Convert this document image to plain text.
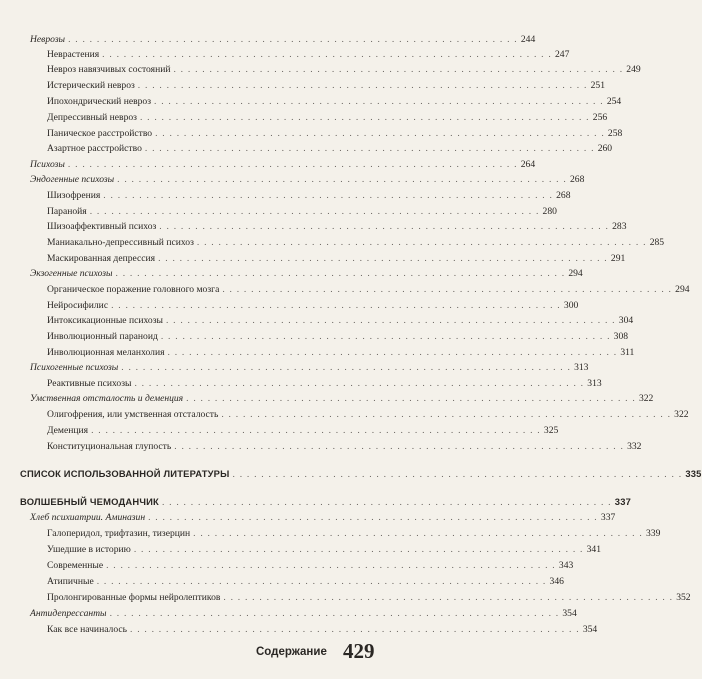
Неврозы . . . . . . . . . . . . . . . . . . . . . . . . . . . . . . . . . . . . . . . . . . . . . . . . . . . . . . . . . . . . . . . 244
Неврастения . . . . . . . . . . . . . . . . . . . . . . . . . . . . . . . . . . . . . . . . . . . . . . . . . . . . . . . . . . . . . . . 247
Невроз навязчивых состояний . . . . . . . . . . . . . . . . . . . . . . . . . . . . . . . . . . . . . . . . . . . . . . . . . . . . . . . . . . . . . . . 249
Истерический невроз . . . . . . . . . . . . . . . . . . . . . . . . . . . . . . . . . . . . . . . . . . . . . . . . . . . . . . . . . . . . . . . 251
Ипохондрический невроз . . . . . . . . . . . . . . . . . . . . . . . . . . . . . . . . . . . . . . . . . . . . . . . . . . . . . . . . . . . . . . . 254
Депрессивный невроз . . . . . . . . . . . . . . . . . . . . . . . . . . . . . . . . . . . . . . . . . . . . . . . . . . . . . . . . . . . . . . . 256
Паническое расстройство . . . . . . . . . . . . . . . . . . . . . . . . . . . . . . . . . . . . . . . . . . . . . . . . . . . . . . . . . . . . . . . 258
Азартное расстройство . . . . . . . . . . . . . . . . . . . . . . . . . . . . . . . . . . . . . . . . . . . . . . . . . . . . . . . . . . . . . . . 260
Психозы . . . . . . . . . . . . . . . . . . . . . . . . . . . . . . . . . . . . . . . . . . . . . . . . . . . . . . . . . . . . . . . 264
Эндогенные психозы . . . . . . . . . . . . . . . . . . . . . . . . . . . . . . . . . . . . . . . . . . . . . . . . . . . . . . . . . . . . . . . 268
Шизофрения . . . . . . . . . . . . . . . . . . . . . . . . . . . . . . . . . . . . . . . . . . . . . . . . . . . . . . . . . . . . . . . 268
Паранойя . . . . . . . . . . . . . . . . . . . . . . . . . . . . . . . . . . . . . . . . . . . . . . . . . . . . . . . . . . . . . . . 280
Шизоаффективный психоз . . . . . . . . . . . . . . . . . . . . . . . . . . . . . . . . . . . . . . . . . . . . . . . . . . . . . . . . . . . . . . . 283
Маниакально-депрессивный психоз . . . . . . . . . . . . . . . . . . . . . . . . . . . . . . . . . . . . . . . . . . . . . . . . . . . . . . . . . . . . . . . 285
Маскированная депрессия . . . . . . . . . . . . . . . . . . . . . . . . . . . . . . . . . . . . . . . . . . . . . . . . . . . . . . . . . . . . . . . 291
Экзогенные психозы . . . . . . . . . . . . . . . . . . . . . . . . . . . . . . . . . . . . . . . . . . . . . . . . . . . . . . . . . . . . . . . 294
Органическое поражение головного мозга . . . . . . . . . . . . . . . . . . . . . . . . . . . . . . . . . . . . . . . . . . . . . . . . . . . . . . . . . . . . . . . 294
Нейросифилис . . . . . . . . . . . . . . . . . . . . . . . . . . . . . . . . . . . . . . . . . . . . . . . . . . . . . . . . . . . . . . . 300
Интоксикационные психозы . . . . . . . . . . . . . . . . . . . . . . . . . . . . . . . . . . . . . . . . . . . . . . . . . . . . . . . . . . . . . . . 304
Инволюционный параноид . . . . . . . . . . . . . . . . . . . . . . . . . . . . . . . . . . . . . . . . . . . . . . . . . . . . . . . . . . . . . . . 308
Инволюционная меланхолия . . . . . . . . . . . . . . . . . . . . . . . . . . . . . . . . . . . . . . . . . . . . . . . . . . . . . . . . . . . . . . . 311
Психогенные психозы . . . . . . . . . . . . . . . . . . . . . . . . . . . . . . . . . . . . . . . . . . . . . . . . . . . . . . . . . . . . . . . 313
Реактивные психозы . . . . . . . . . . . . . . . . . . . . . . . . . . . . . . . . . . . . . . . . . . . . . . . . . . . . . . . . . . . . . . . 313
Умственная отсталость и деменция . . . . . . . . . . . . . . . . . . . . . . . . . . . . . . . . . . . . . . . . . . . . . . . . . . . . . . . . . . . . . . . 322
Олигофрения, или умственная отсталость . . . . . . . . . . . . . . . . . . . . . . . . . . . . . . . . . . . . . . . . . . . . . . . . . . . . . . . . . . . . . . . 322
Деменция . . . . . . . . . . . . . . . . . . . . . . . . . . . . . . . . . . . . . . . . . . . . . . . . . . . . . . . . . . . . . . . 325
Конституциональная глупость . . . . . . . . . . . . . . . . . . . . . . . . . . . . . . . . . . . . . . . . . . . . . . . . . . . . . . . . . . . . . . . 332
СПИСОК ИСПОЛЬЗОВАННОЙ ЛИТЕРАТУРЫ . . . . . . . . . . . . . . . . . . . . . . . . . . . . . . . . . . . . . . . . . . . . . . . . . . . . . . . . . . . . . . . 335
ВОЛШЕБНЫЙ ЧЕМОДАНЧИК . . . . . . . . . . . . . . . . . . . . . . . . . . . . . . . . . . . . . . . . . . . . . . . . . . . . . . . . . . . . . . . 337
Хлеб психиатрии. Аминазин . . . . . . . . . . . . . . . . . . . . . . . . . . . . . . . . . . . . . . . . . . . . . . . . . . . . . . . . . . . . . . . 337
Галоперидол, трифтазин, тизерцин . . . . . . . . . . . . . . . . . . . . . . . . . . . . . . . . . . . . . . . . . . . . . . . . . . . . . . . . . . . . . . . 339
Ушедшие в историю . . . . . . . . . . . . . . . . . . . . . . . . . . . . . . . . . . . . . . . . . . . . . . . . . . . . . . . . . . . . . . . 341
Современные . . . . . . . . . . . . . . . . . . . . . . . . . . . . . . . . . . . . . . . . . . . . . . . . . . . . . . . . . . . . . . . 343
Атипичные . . . . . . . . . . . . . . . . . . . . . . . . . . . . . . . . . . . . . . . . . . . . . . . . . . . . . . . . . . . . . . . 346
Пролонгированные формы нейролептиков . . . . . . . . . . . . . . . . . . . . . . . . . . . . . . . . . . . . . . . . . . . . . . . . . . . . . . . . . . . . . . . 352
Антидепрессанты . . . . . . . . . . . . . . . . . . . . . . . . . . . . . . . . . . . . . . . . . . . . . . . . . . . . . . . . . . . . . . . 354
Как все начиналось . . . . . . . . . . . . . . . . . . . . . . . . . . . . . . . . . . . . . . . . . . . . . . . . . . . . . . . . . . . . . . . 354
Содержание 429
